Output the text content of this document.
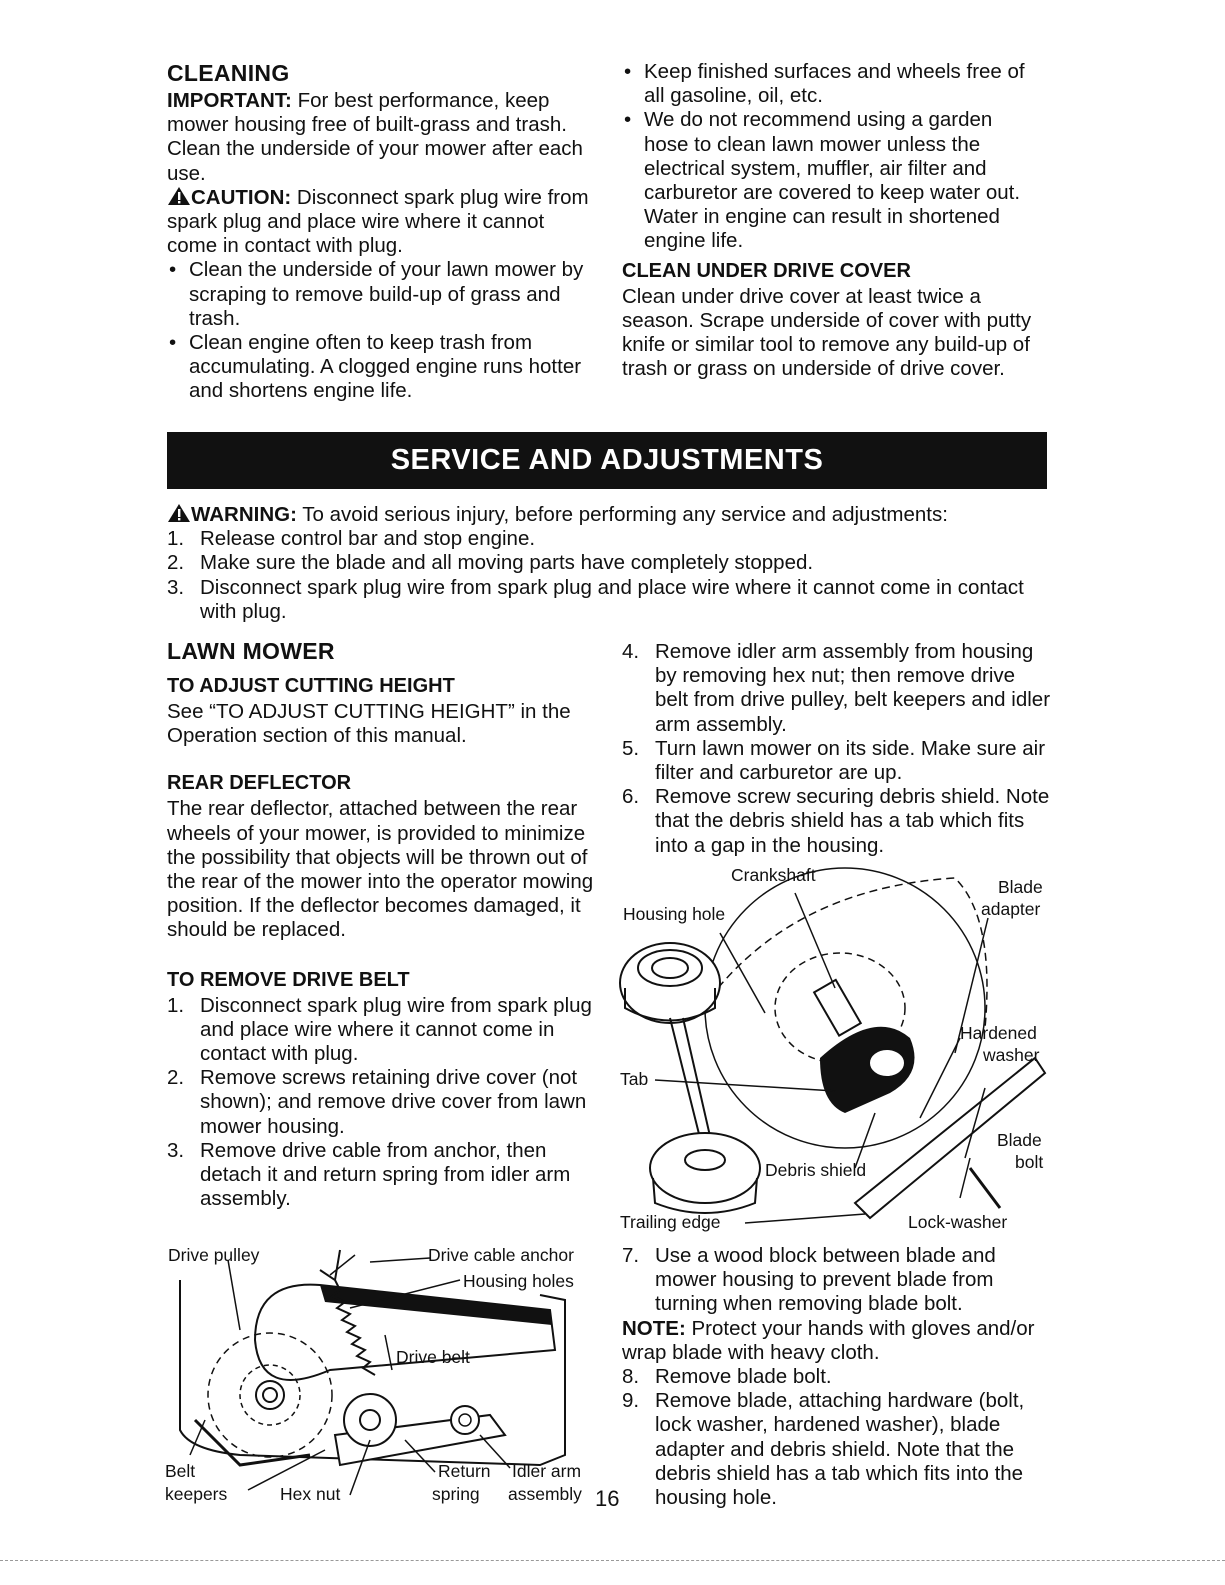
CLEANING
IMPORTANT: For best performance, keep mower housing free of built-grass and trash. Clean the underside of your mower after each use.
CAUTION: Disconnect spark plug wire from spark plug and place wire where it cannot come in contact with plug.
• Clean the underside of your lawn mower by scraping to remove build-up of grass and trash.
• Clean engine often to keep trash from accumulating. A clogged engine runs hotter and shortens engine life.
• Keep finished surfaces and wheels free of all gasoline, oil, etc.
• We do not recommend using a garden hose to clean lawn mower unless the electrical system, muffler, air filter and carburetor are covered to keep water out. Water in engine can result in shortened engine life.
CLEAN UNDER DRIVE COVER
Clean under drive cover at least twice a season. Scrape underside of cover with putty knife or similar tool to remove any build-up of trash or grass on underside of drive cover.
SERVICE AND ADJUSTMENTS
WARNING: To avoid serious injury, before performing any service and adjustments:
1. Release control bar and stop engine.
2. Make sure the blade and all moving parts have completely stopped.
3. Disconnect spark plug wire from spark plug and place wire where it cannot come in contact with plug.
LAWN MOWER
TO ADJUST CUTTING HEIGHT
See “TO ADJUST CUTTING HEIGHT” in the Operation section of this manual.
REAR DEFLECTOR
The rear deflector, attached between the rear wheels of your mower, is provided to minimize the possibility that objects will be thrown out of the rear of the mower into the operator mowing position. If the deflector becomes damaged, it should be replaced.
TO REMOVE DRIVE BELT
1. Disconnect spark plug wire from spark plug and place wire where it cannot come in contact with plug.
2. Remove screws retaining drive cover (not shown); and remove drive cover from lawn mower housing.
3. Remove drive cable from anchor, then detach it and return spring from idler arm assembly.
Drive pulley	Drive cable anchor
Housing holes
Drive belt
Belt
keepers	Hex nut
Return
spring
Idler arm
assembly 16
4. Remove idler arm assembly from housing by removing hex nut; then remove drive belt from drive pulley, belt keepers and idler arm assembly.
5. Turn lawn mower on its side. Make sure air filter and carburetor are up.
6. Remove screw securing debris shield. Note that the debris shield has a tab which fits into a gap in the housing.
Crankshaft
Housing hole
Blade
adapter
Hardened
washer
Tab
Blade
bolt
Debris shield
Trailing edge	Lock-washer
7. Use a wood block between blade and mower housing to prevent blade from turning when removing blade bolt.
NOTE: Protect your hands with gloves and/or wrap blade with heavy cloth.
8. Remove blade bolt.
9. Remove blade, attaching hardware (bolt, lock washer, hardened washer), blade adapter and debris shield. Note that the debris shield has a tab which fits into the housing hole.
